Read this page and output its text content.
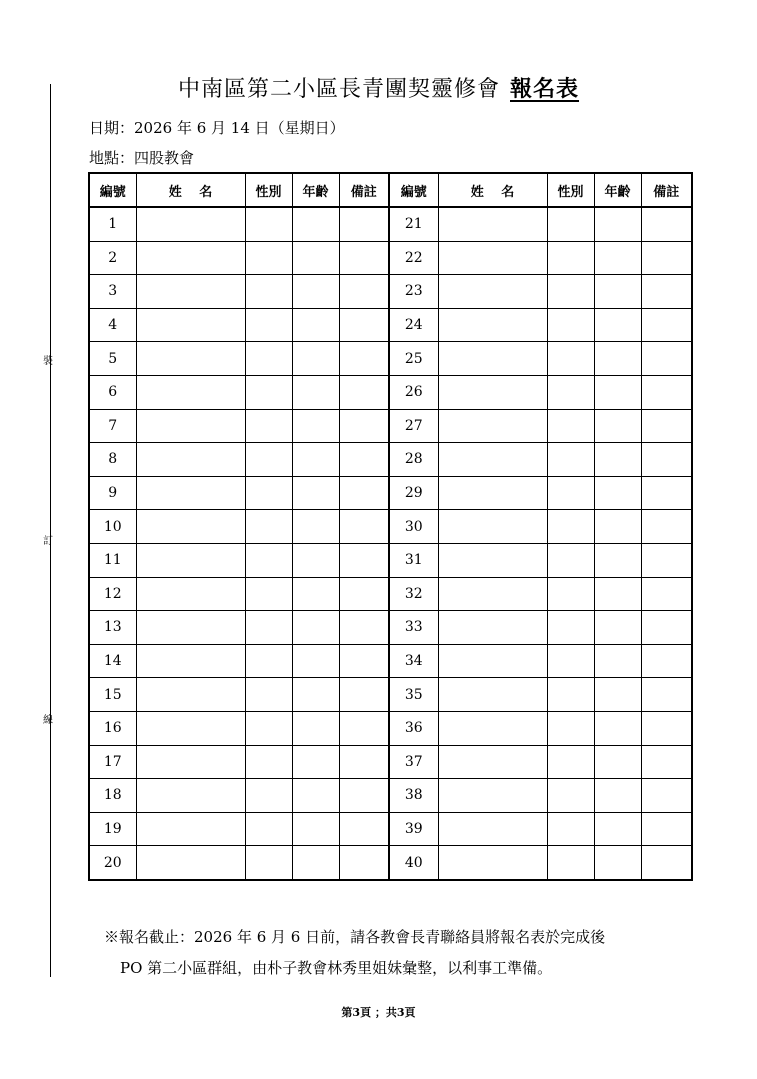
裝
訂
線
中南區第二小區長青團契靈修會 報名表
日期：2026 年 6 月 14 日（星期日）
地點：四股教會
編號	姓　 名	性別	年齡	備註	編號	姓　 名	性別	年齡	備註
1					21				
2					22				
3					23				
4					24				
5					25				
6					26				
7					27				
8					28				
9					29				
10					30				
11					31				
12					32				
13					33				
14					34				
15					35				
16					36				
17					37				
18					38				
19					39				
20					40				
※報名截止：2026 年 6 月 6 日前，請各教會長青聯絡員將報名表於完成後
PO 第二小區群組，由朴子教會林秀里姐妹彙整，以利事工準備。
第3頁 ；共3頁
